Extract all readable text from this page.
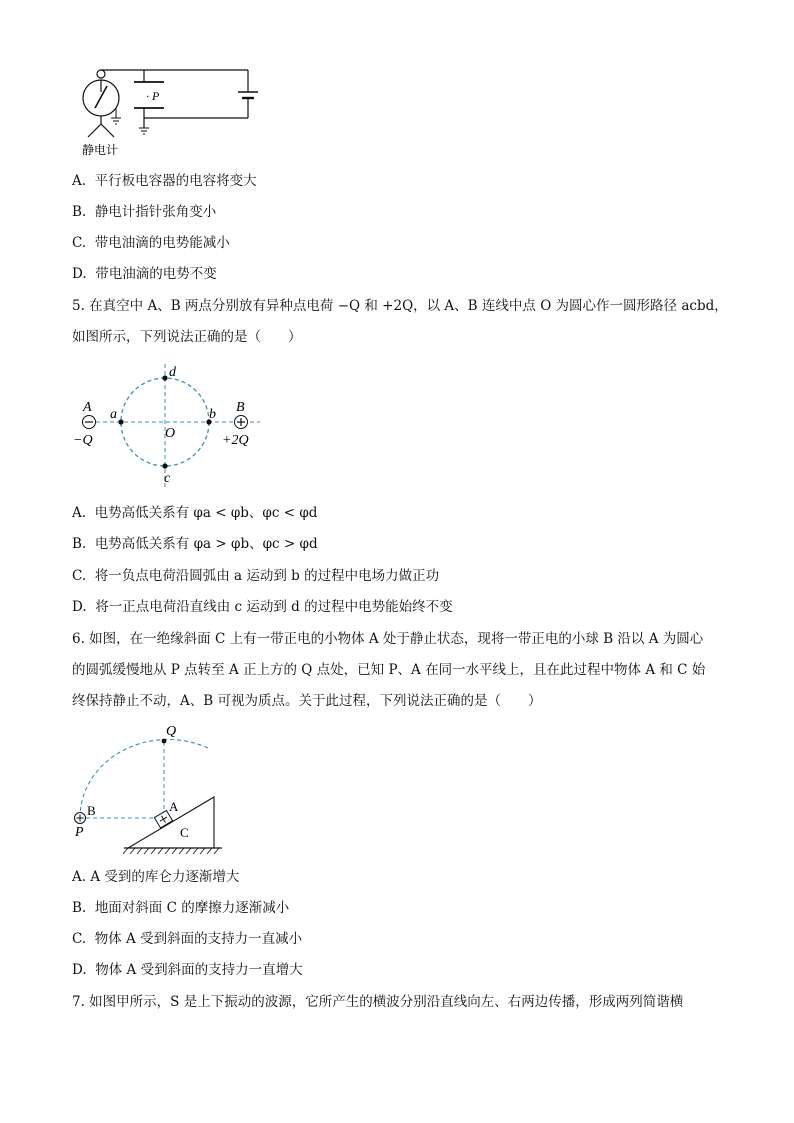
· P
静电计
A. 平行板电容器的电容将变大
B. 静电计指针张角变小
C. 带电油滴的电势能减小
D. 带电油滴的电势不变
5. 在真空中 A、B 两点分别放有异种点电荷 −Q 和 +2Q，以 A、B 连线中点 O 为圆心作一圆形路径 acbd，
如图所示，下列说法正确的是（　　）
A	B
−Q	+2Q
a	b
c
d
O
A. 电势高低关系有 φa < φb、φc < φd
B. 电势高低关系有 φa > φb、φc > φd
C. 将一负点电荷沿圆弧由 a 运动到 b 的过程中电场力做正功
D. 将一正点电荷沿直线由 c 运动到 d 的过程中电势能始终不变
6. 如图，在一绝缘斜面 C 上有一带正电的小物体 A 处于静止状态，现将一带正电的小球 B 沿以 A 为圆心
的圆弧缓慢地从 P 点转至 A 正上方的 Q 点处，已知 P、A 在同一水平线上，且在此过程中物体 A 和 C 始
终保持静止不动，A、B 可视为质点。关于此过程，下列说法正确的是（　　）
Q
P
B	A
C
A. A 受到的库仑力逐渐增大
B. 地面对斜面 C 的摩擦力逐渐减小
C. 物体 A 受到斜面的支持力一直减小
D. 物体 A 受到斜面的支持力一直增大
7. 如图甲所示，S 是上下振动的波源，它所产生的横波分别沿直线向左、右两边传播，形成两列简谐横
